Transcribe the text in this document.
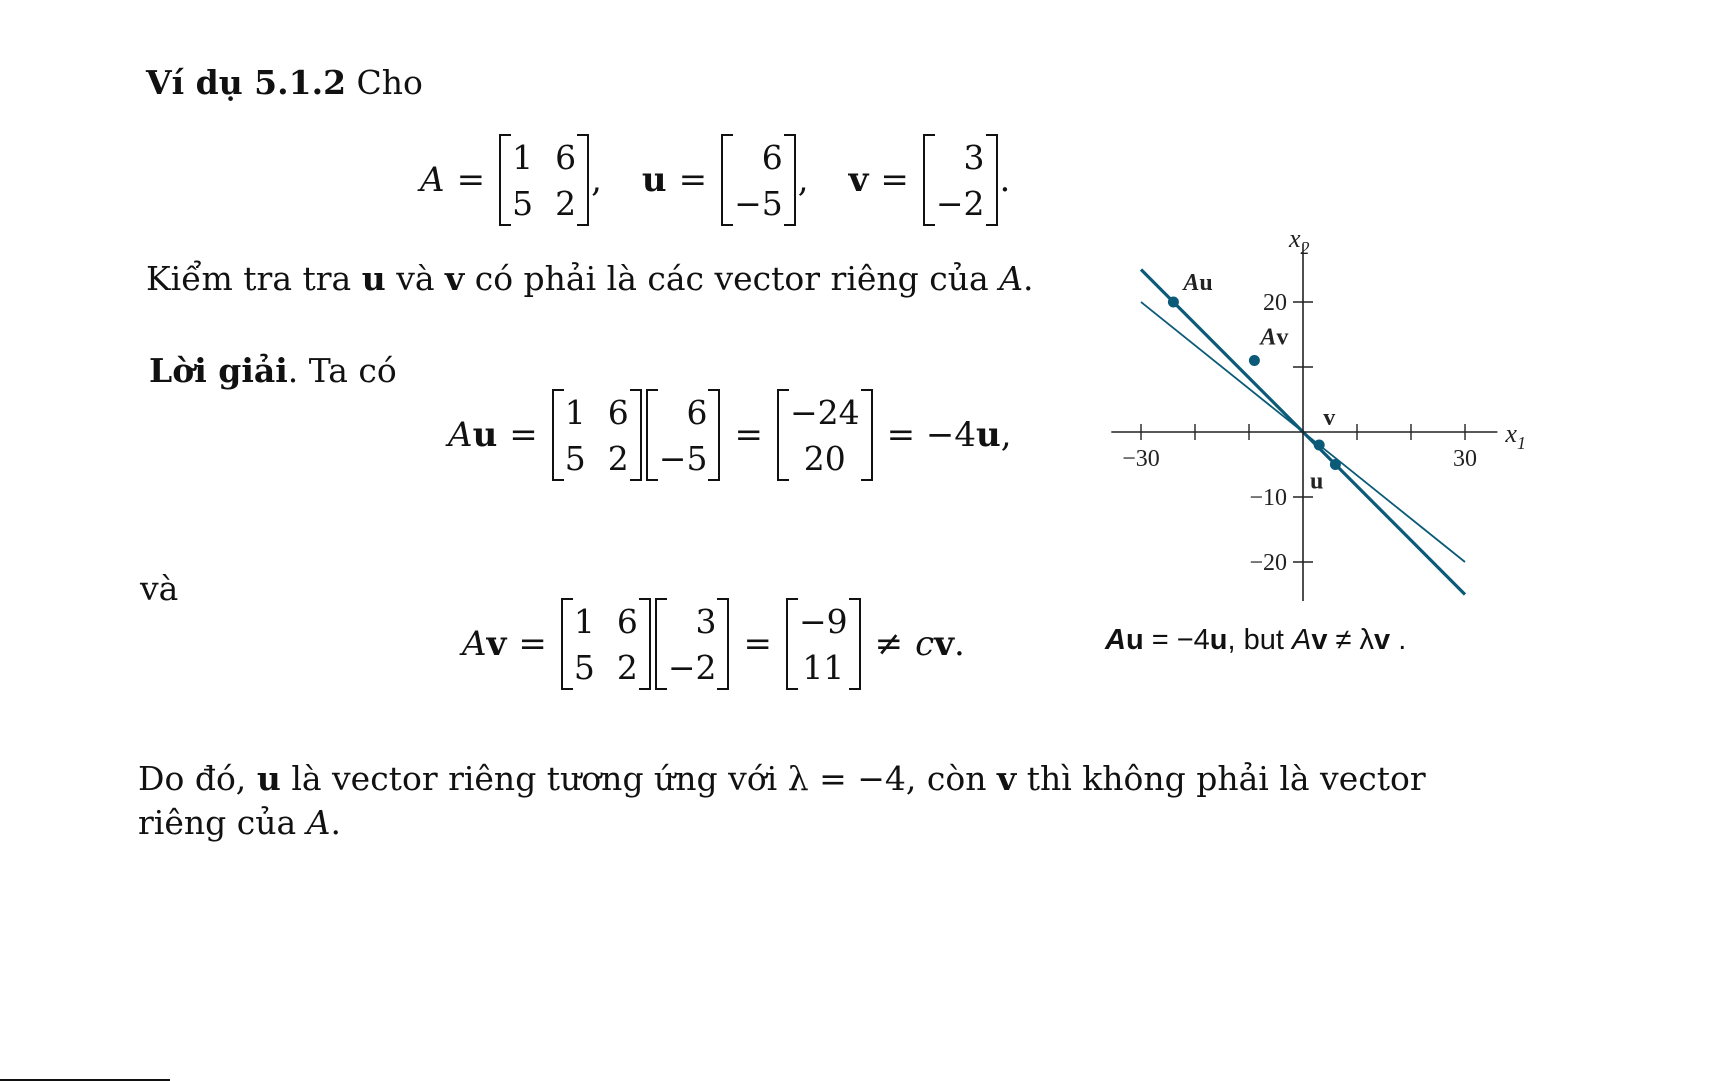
Ví dụ 5.1.2 Cho
A =
1	6
5	2
, u =
6
−5
, v =
3
−2
.
Kiểm tra tra u và v có phải là các vector riêng của A.
Lời giải. Ta có
A u =
1	6
5	2
6
−5
=
−24
20
= −4 u ,
và
A v =
1	6
5	2
3
−2
=
−9
11
≠ c v .
Do đó, u là vector riêng tương ứng với λ = −4, còn v thì không phải là vector
riêng của A.
−30	30
20
−10
−20
$x_1$
$x_2$
u
v
Au
Av
Au = −4u, but Av ≠ λv .
